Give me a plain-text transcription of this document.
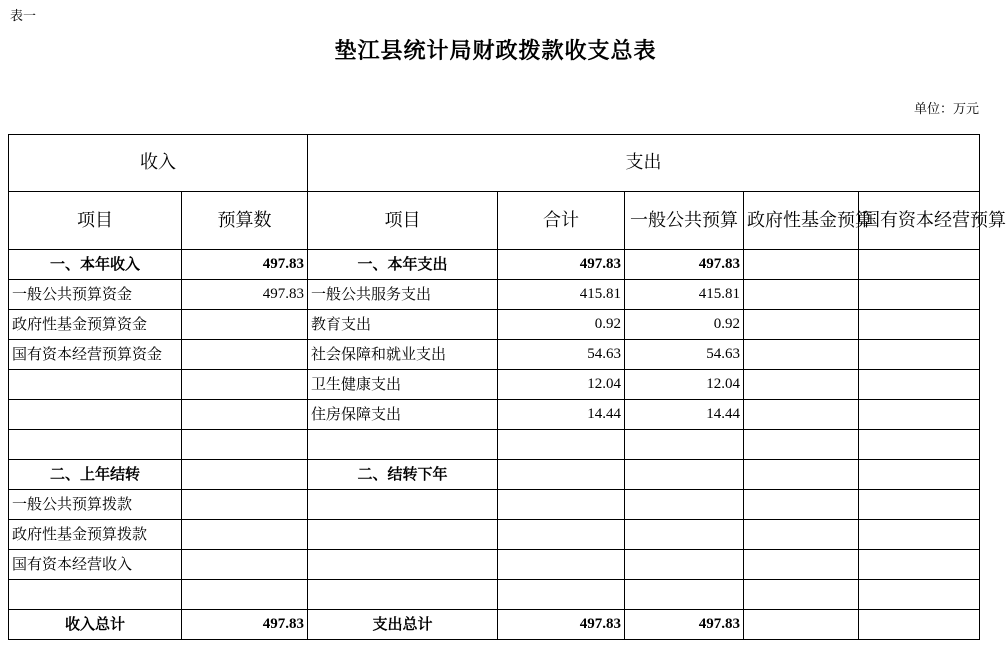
表一
垫江县统计局财政拨款收支总表
单位：万元
收入		支出				
项目	预算数	项目	合计	一般公共预算	政府性基金预算	国有资本经营预算
一、本年收入	497.83	一、本年支出	497.83	497.83		
一般公共预算资金	497.83	一般公共服务支出	415.81	415.81		
政府性基金预算资金		教育支出	0.92	0.92		
国有资本经营预算资金		社会保障和就业支出	54.63	54.63		
		卫生健康支出	12.04	12.04		
		住房保障支出	14.44	14.44		

二、上年结转		二、结转下年				
一般公共预算拨款						
政府性基金预算拨款						
国有资本经营收入						

收入总计	497.83	支出总计	497.83	497.83		
